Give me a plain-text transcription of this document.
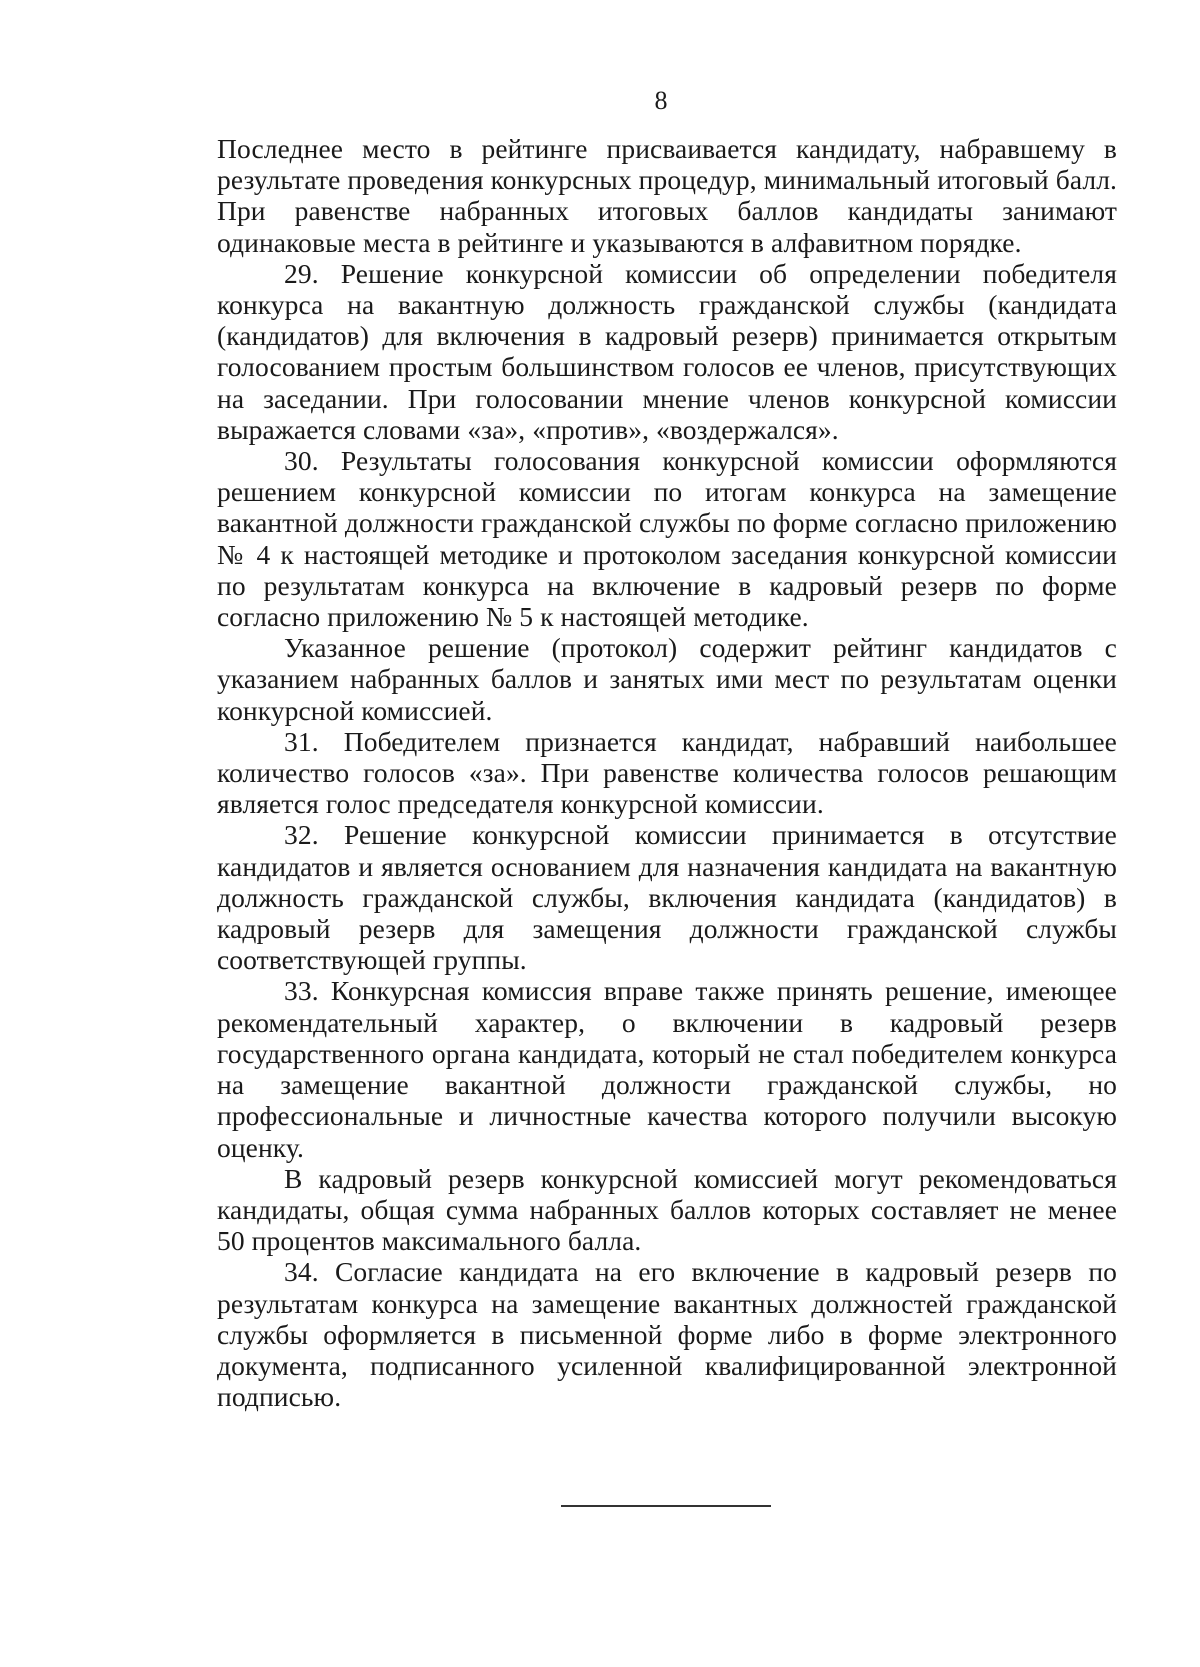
8

Последнее место в рейтинге присваивается кандидату, набравшему в результате проведения конкурсных процедур, минимальный итоговый балл. При равенстве набранных итоговых баллов кандидаты занимают одинаковые места в рейтинге и указываются в алфавитном порядке.

29. Решение конкурсной комиссии об определении победителя конкурса на вакантную должность гражданской службы (кандидата (кандидатов) для включения в кадровый резерв) принимается открытым голосованием простым большинством голосов ее членов, присутствующих на заседании. При голосовании мнение членов конкурсной комиссии выражается словами «за», «против», «воздержался».

30. Результаты голосования конкурсной комиссии оформляются решением конкурсной комиссии по итогам конкурса на замещение вакантной должности гражданской службы по форме согласно приложению № 4 к настоящей методике и протоколом заседания конкурсной комиссии по результатам конкурса на включение в кадровый резерв по форме согласно приложению № 5 к настоящей методике.

Указанное решение (протокол) содержит рейтинг кандидатов с указанием набранных баллов и занятых ими мест по результатам оценки конкурсной комиссией.

31. Победителем признается кандидат, набравший наибольшее количество голосов «за». При равенстве количества голосов решающим является голос председателя конкурсной комиссии.

32. Решение конкурсной комиссии принимается в отсутствие кандидатов и является основанием для назначения кандидата на вакантную должность гражданской службы, включения кандидата (кандидатов) в кадровый резерв для замещения должности гражданской службы соответствующей группы.

33. Конкурсная комиссия вправе также принять решение, имеющее рекомендательный характер, о включении в кадровый резерв государственного органа кандидата, который не стал победителем конкурса на замещение вакантной должности гражданской службы, но профессиональные и личностные качества которого получили высокую оценку.

В кадровый резерв конкурсной комиссией могут рекомендоваться кандидаты, общая сумма набранных баллов которых составляет не менее 50 процентов максимального балла.

34. Согласие кандидата на его включение в кадровый резерв по результатам конкурса на замещение вакантных должностей гражданской службы оформляется в письменной форме либо в форме электронного документа, подписанного усиленной квалифицированной электронной подписью.
